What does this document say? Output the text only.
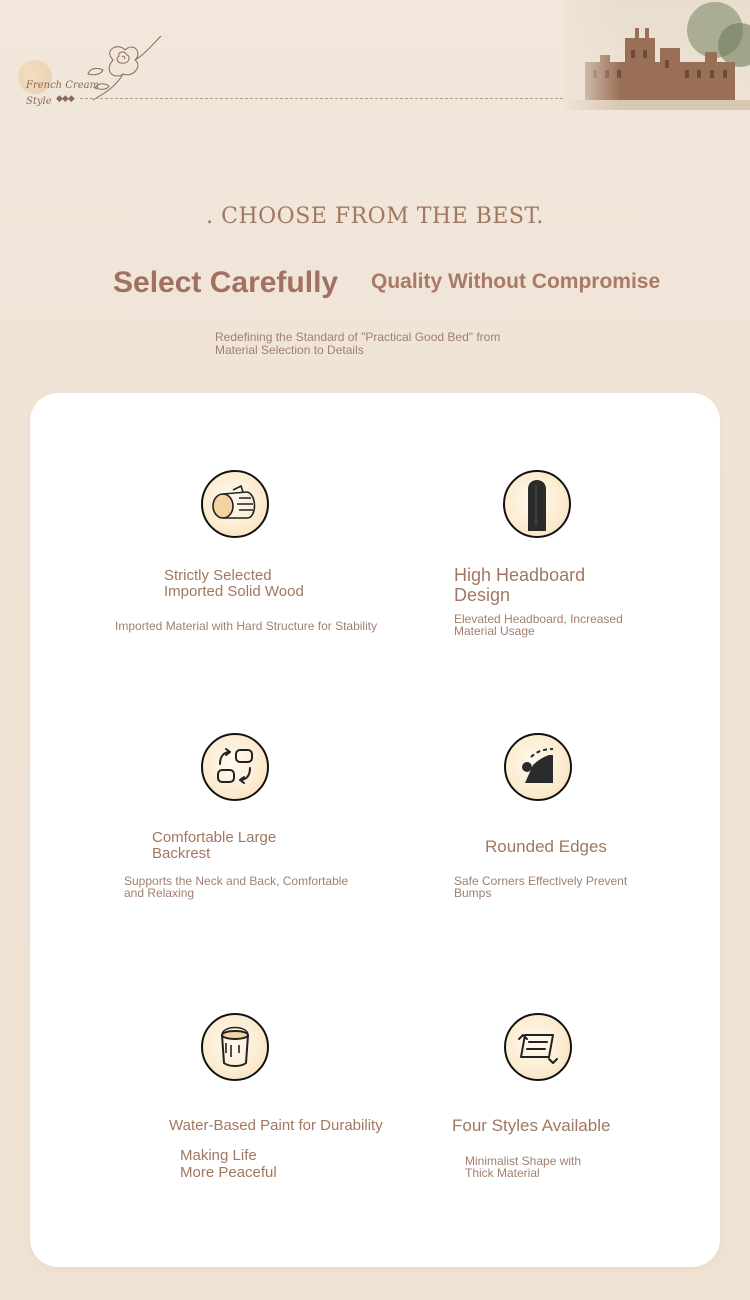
French Cream
Style ◆◆◆
. CHOOSE FROM THE BEST.
Select Carefully Quality Without Compromise
Redefining the Standard of "Practical Good Bed" from Material Selection to Details
Strictly Selected
Imported Solid Wood
Imported Material with Hard Structure for Stability
High Headboard
Design
Elevated Headboard, Increased
Material Usage
Comfortable Large
Backrest
Supports the Neck and Back, Comfortable
and Relaxing
Rounded Edges
Safe Corners Effectively Prevent
Bumps
Water-Based Paint for Durability
Making Life
More Peaceful
Four Styles Available
Minimalist Shape with
Thick Material
